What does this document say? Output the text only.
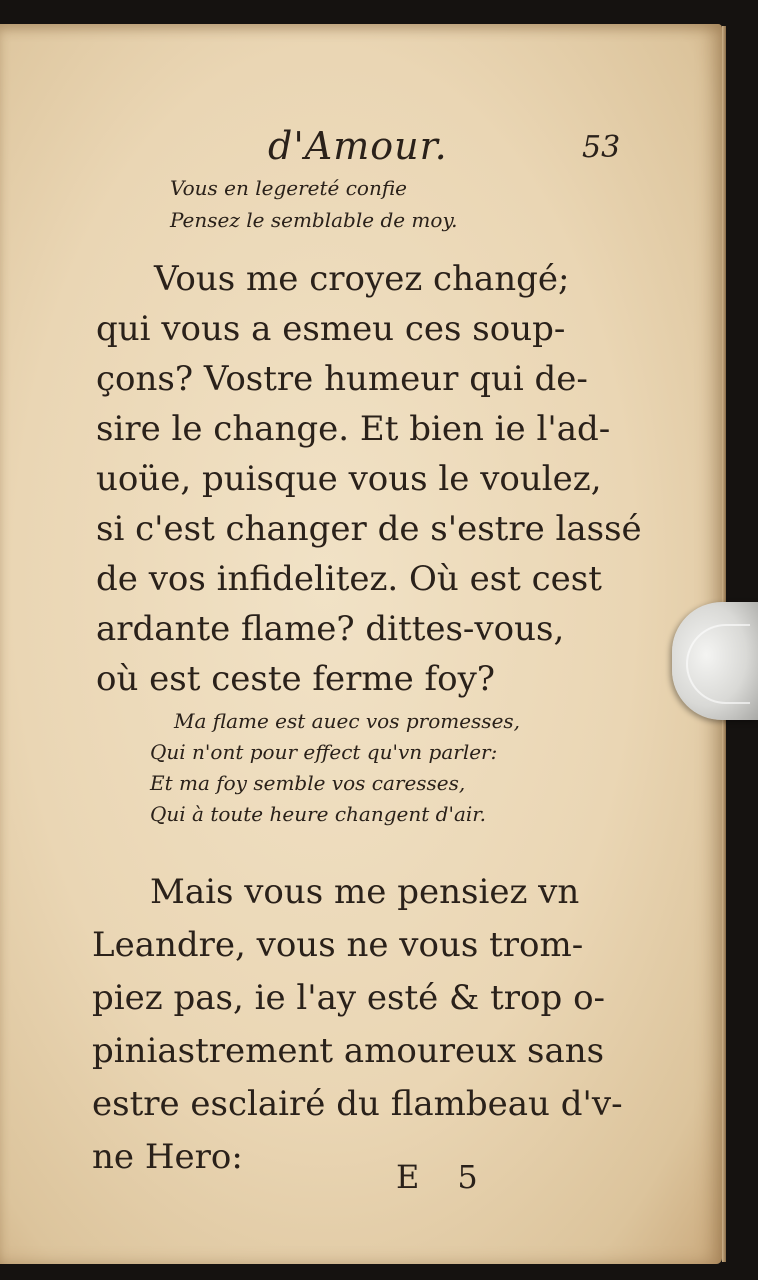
d'Amour.	53
Vous en legereté confie
Pensez le semblable de moy.
Vous me croyez changé;
qui vous a esmeu ces soup-
çons? Vostre humeur qui de-
sire le change. Et bien ie l'ad-
uoüe, puisque vous le voulez,
si c'est changer de s'estre lassé
de vos infidelitez. Où est cest
ardante flame? dittes-vous,
où est ceste ferme foy?
Ma flame est auec vos promesses,
Qui n'ont pour effect qu'vn parler:
Et ma foy semble vos caresses,
Qui à toute heure changent d'air.
Mais vous me pensiez vn
Leandre, vous ne vous trom-
piez pas, ie l'ay esté & trop o-
piniastrement amoureux sans
estre esclairé du flambeau d'v-
ne Hero:	E 5
